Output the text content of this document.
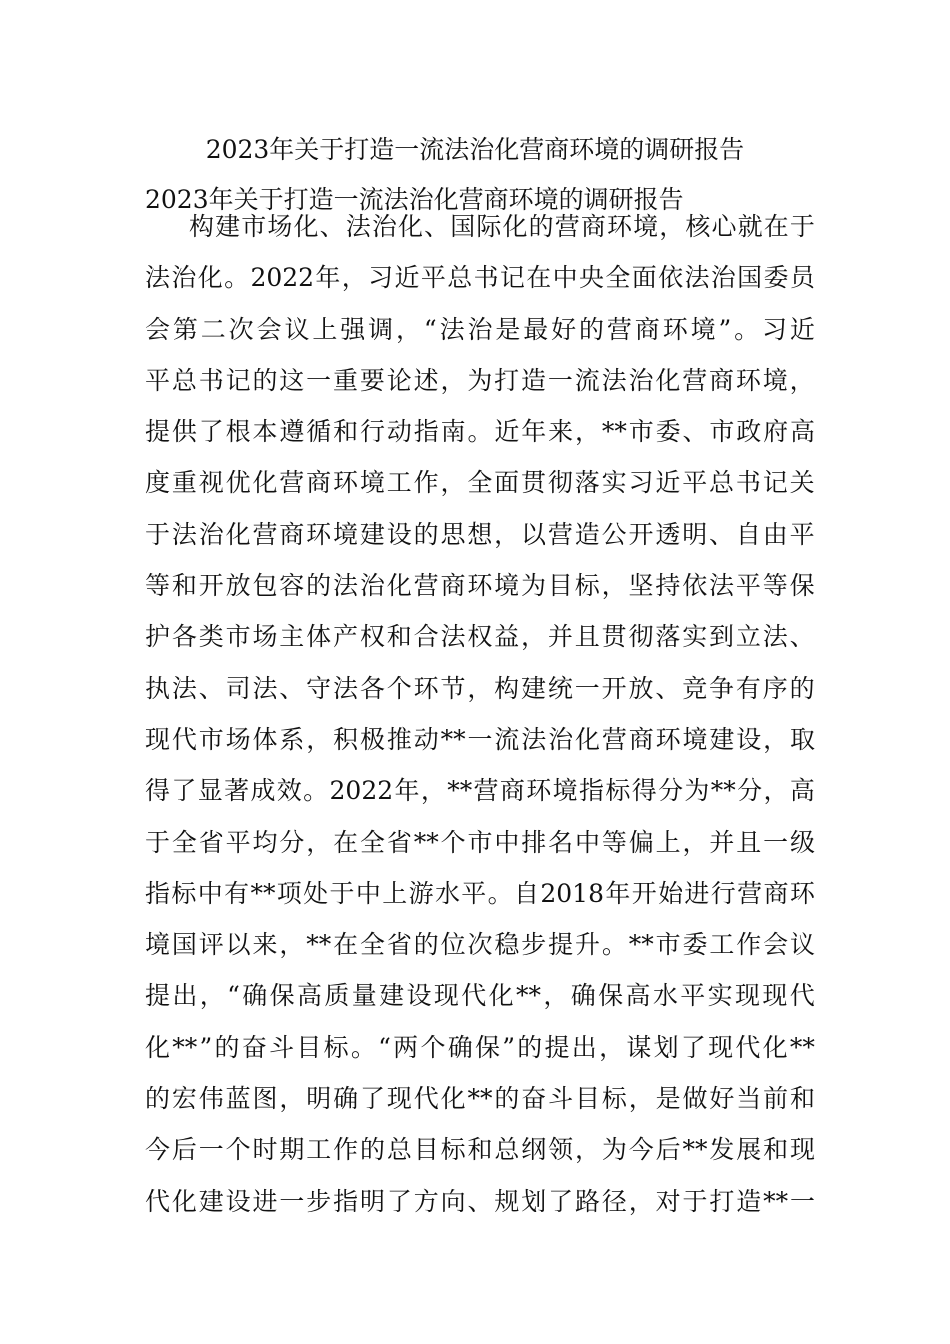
2023年关于打造一流法治化营商环境的调研报告
2023年关于打造一流法治化营商环境的调研报告
构 建 市 场 化 、 法 治 化 、 国 际 化 的 营 商 环 境 ， 核 心 就 在 于
法 治 化 。 2022 年 ， 习 近 平 总 书 记 在 中 央 全 面 依 法 治 国 委 员
会 第 二 次 会 议 上 强 调 ， “ 法 治 是 最 好 的 营 商 环 境 ” 。 习 近
平 总 书 记 的 这 一 重 要 论 述 ， 为 打 造 一 流 法 治 化 营 商 环 境 ，
提 供 了 根 本 遵 循 和 行 动 指 南 。 近 年 来 ， ** 市 委 、 市 政 府 高
度 重 视 优 化 营 商 环 境 工 作 ， 全 面 贯 彻 落 实 习 近 平 总 书 记 关
于 法 治 化 营 商 环 境 建 设 的 思 想 ， 以 营 造 公 开 透 明 、 自 由 平
等 和 开 放 包 容 的 法 治 化 营 商 环 境 为 目 标 ， 坚 持 依 法 平 等 保
护 各 类 市 场 主 体 产 权 和 合 法 权 益 ， 并 且 贯 彻 落 实 到 立 法 、
执 法 、 司 法 、 守 法 各 个 环 节 ， 构 建 统 一 开 放 、 竞 争 有 序 的
现 代 市 场 体 系 ， 积 极 推 动 ** 一 流 法 治 化 营 商 环 境 建 设 ， 取
得 了 显 著 成 效 。 2022 年 ， ** 营 商 环 境 指 标 得 分 为 ** 分 ， 高
于 全 省 平 均 分 ， 在 全 省 ** 个 市 中 排 名 中 等 偏 上 ， 并 且 一 级
指 标 中 有 ** 项 处 于 中 上 游 水 平 。 自 2018 年 开 始 进 行 营 商 环
境 国 评 以 来 ， ** 在 全 省 的 位 次 稳 步 提 升 。 ** 市 委 工 作 会 议
提 出 ， “ 确 保 高 质 量 建 设 现 代 化 ** ， 确 保 高 水 平 实 现 现 代
化 ** ” 的 奋 斗 目 标 。 “ 两 个 确 保 ” 的 提 出 ， 谋 划 了 现 代 化 **
的 宏 伟 蓝 图 ， 明 确 了 现 代 化 ** 的 奋 斗 目 标 ， 是 做 好 当 前 和
今 后 一 个 时 期 工 作 的 总 目 标 和 总 纲 领 ， 为 今 后 ** 发 展 和 现
代 化 建 设 进 一 步 指 明 了 方 向 、 规 划 了 路 径 ， 对 于 打 造 ** 一
